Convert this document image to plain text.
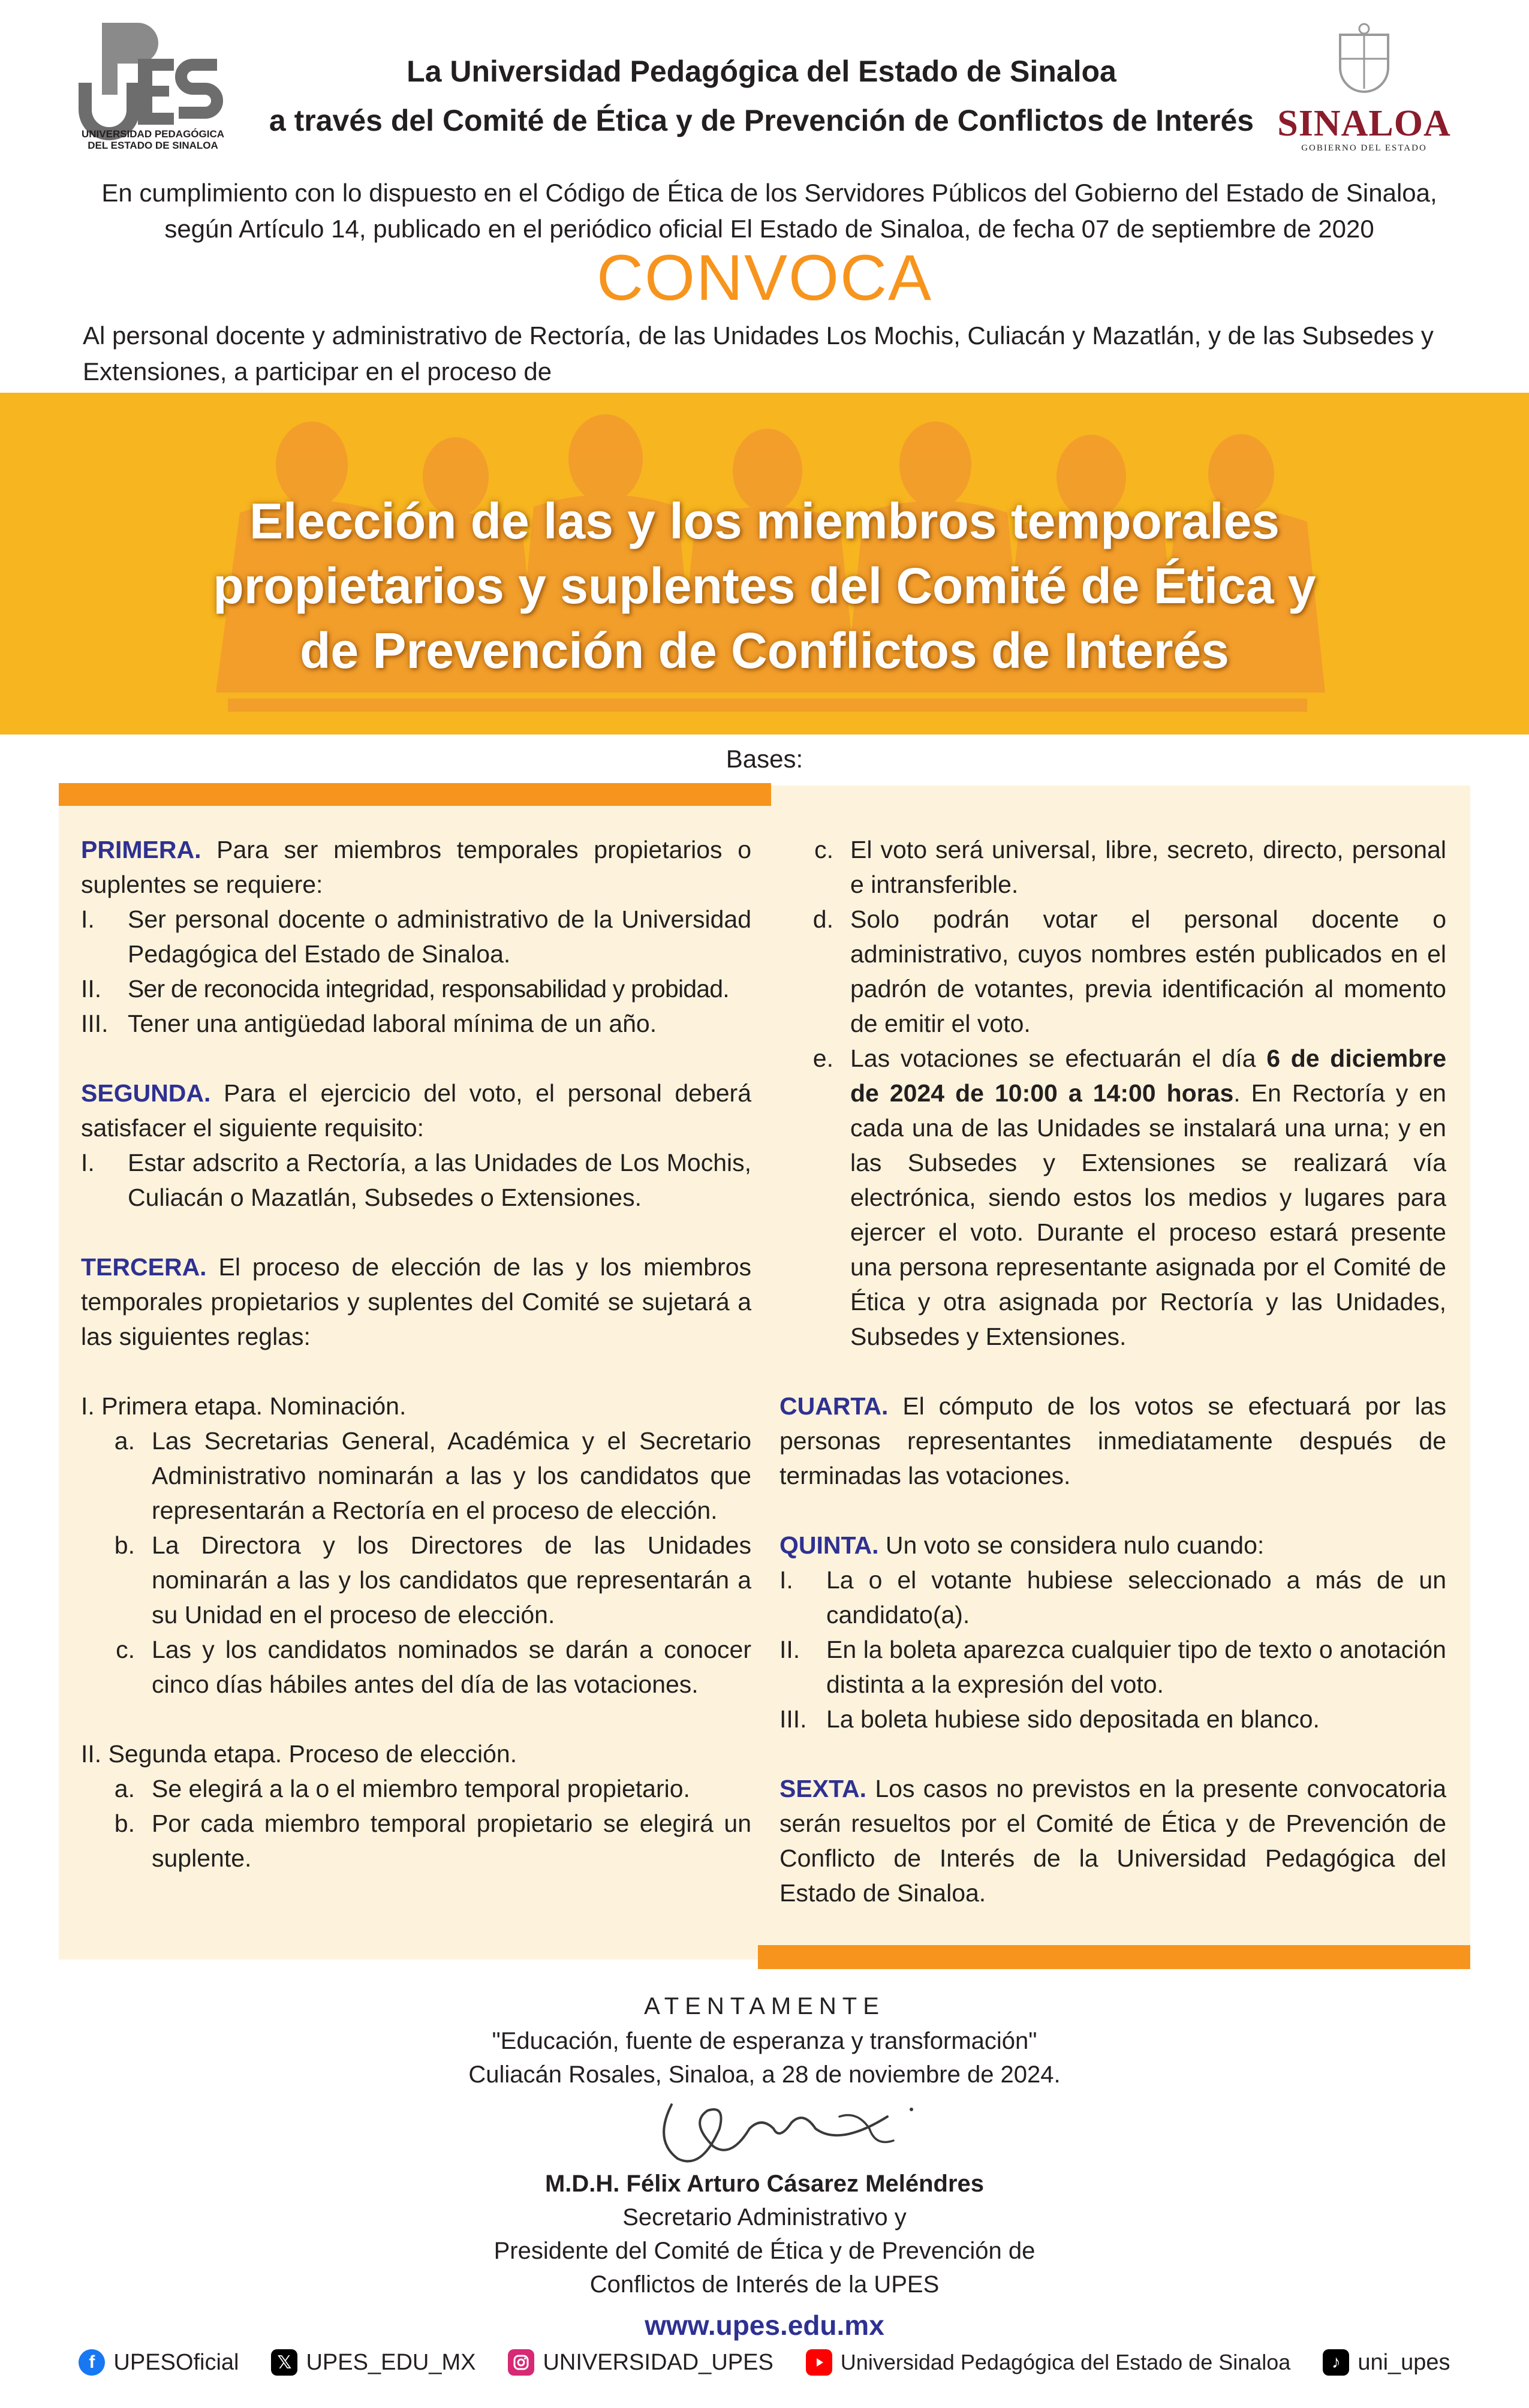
UNIVERSIDAD PEDAGÓGICA DEL ESTADO DE SINALOA
La Universidad Pedagógica del Estado de Sinaloa
a través del Comité de Ética y de Prevención de Conflictos de Interés SINALOA
GOBIERNO DEL ESTADO
En cumplimiento con lo dispuesto en el Código de Ética de los Servidores Públicos del Gobierno del Estado de Sinaloa,
según Artículo 14, publicado en el periódico oficial El Estado de Sinaloa, de fecha 07 de septiembre de 2020
CONVOCA
Al personal docente y administrativo de Rectoría, de las Unidades Los Mochis, Culiacán y Mazatlán, y de las Subsedes y Extensiones, a participar en el proceso de
Elección de las y los miembros temporales
propietarios y suplentes del Comité de Ética y
de Prevención de Conflictos de Interés
Bases:

PRIMERA. Para ser miembros temporales propietarios o suplentes se requiere:

I. Ser personal docente o administrativo de la Universidad Pedagógica del Estado de Sinaloa.
II. Ser de reconocida integridad, responsabilidad y probidad.
III. Tener una antigüedad laboral mínima de un año.

SEGUNDA. Para el ejercicio del voto, el personal deberá satisfacer el siguiente requisito:

I. Estar adscrito a Rectoría, a las Unidades de Los Mochis, Culiacán o Mazatlán, Subsedes o Extensiones.

TERCERA. El proceso de elección de las y los miembros temporales propietarios y suplentes del Comité se sujetará a las siguientes reglas:

I. Primera etapa. Nominación.
a. Las Secretarias General, Académica y el Secretario Administrativo nominarán a las y los candidatos que representarán a Rectoría en el proceso de elección.
b. La Directora y los Directores de las Unidades nominarán a las y los candidatos que representarán a su Unidad en el proceso de elección.
c. Las y los candidatos nominados se darán a conocer cinco días hábiles antes del día de las votaciones.
II. Segunda etapa. Proceso de elección.
a. Se elegirá a la o el miembro temporal propietario.
b. Por cada miembro temporal propietario se elegirá un suplente.
c. El voto será universal, libre, secreto, directo, personal e intransferible.
d. Solo podrán votar el personal docente o administrativo, cuyos nombres estén publicados en el padrón de votantes, previa identificación al momento de emitir el voto.
e. Las votaciones se efectuarán el día 6 de diciembre de 2024 de 10:00 a 14:00 horas. En Rectoría y en cada una de las Unidades se instalará una urna; y en las Subsedes y Extensiones se realizará vía electrónica, siendo estos los medios y lugares para ejercer el voto. Durante el proceso estará presente una persona representante asignada por el Comité de Ética y otra asignada por Rectoría y las Unidades, Subsedes y Extensiones.

CUARTA. El cómputo de los votos se efectuará por las personas representantes inmediatamente después de terminadas las votaciones.

QUINTA. Un voto se considera nulo cuando:

I. La o el votante hubiese seleccionado a más de un candidato(a).
II. En la boleta aparezca cualquier tipo de texto o anotación distinta a la expresión del voto.
III. La boleta hubiese sido depositada en blanco.

SEXTA. Los casos no previstos en la presente convocatoria serán resueltos por el Comité de Ética y de Prevención de Conflicto de Interés de la Universidad Pedagógica del Estado de Sinaloa.

ATENTAMENTE
"Educación, fuente de esperanza y transformación"
Culiacán Rosales, Sinaloa, a 28 de noviembre de 2024.
M.D.H. Félix Arturo Cásarez Meléndres
Secretario Administrativo y
Presidente del Comité de Ética y de Prevención de
Conflictos de Interés de la UPES
www.upes.edu.mx
f UPESOficial	𝕏 UPES_EDU_MX	UNIVERSIDAD_UPES	Universidad Pedagógica del Estado de Sinaloa	♪ uni_upes
